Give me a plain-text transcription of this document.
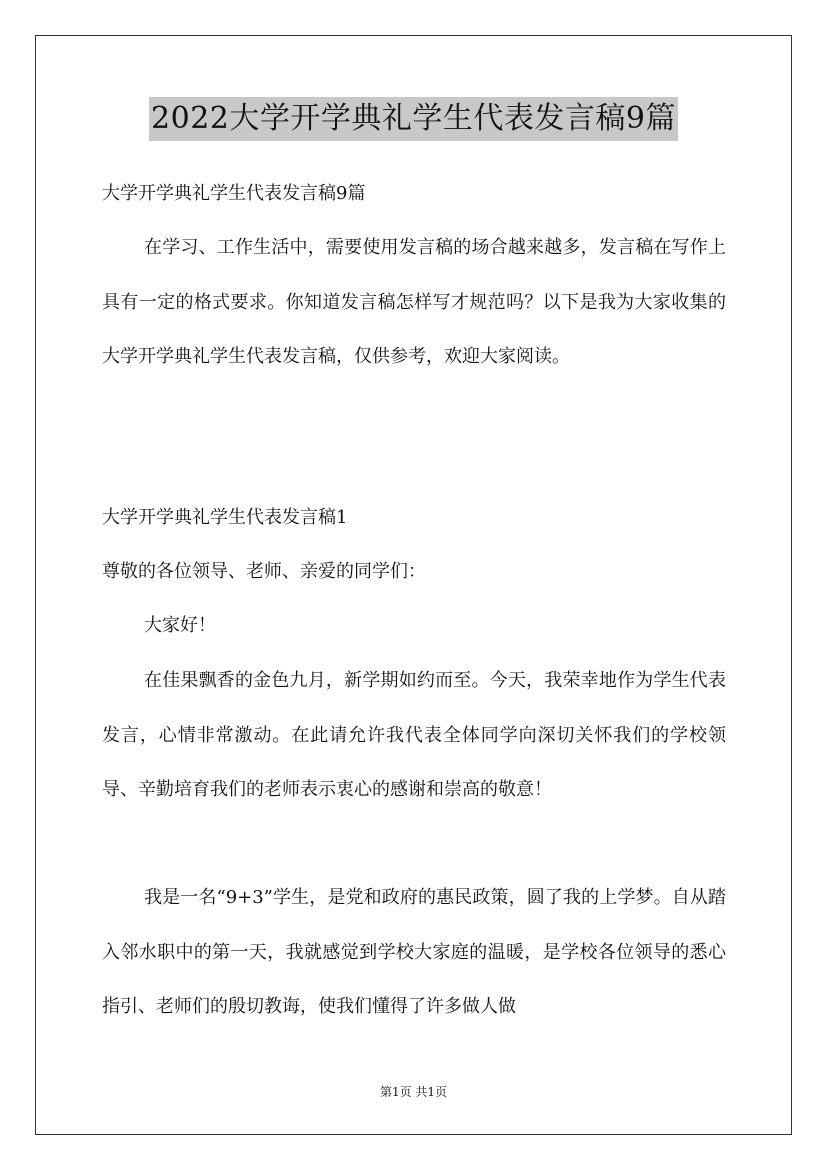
2022大学开学典礼学生代表发言稿9篇
大学开学典礼学生代表发言稿9篇
在学习、工作生活中，需要使用发言稿的场合越来越多，发言稿在写作上具有一定的格式要求。你知道发言稿怎样写才规范吗？以下是我为大家收集的大学开学典礼学生代表发言稿，仅供参考，欢迎大家阅读。
大学开学典礼学生代表发言稿1
尊敬的各位领导、老师、亲爱的同学们：
大家好！
在佳果飘香的金色九月，新学期如约而至。今天，我荣幸地作为学生代表发言，心情非常激动。在此请允许我代表全体同学向深切关怀我们的学校领导、辛勤培育我们的老师表示衷心的感谢和崇高的敬意！
我是一名“9+3”学生，是党和政府的惠民政策，圆了我的上学梦。自从踏入邻水职中的第一天，我就感觉到学校大家庭的温暖，是学校各位领导的悉心指引、老师们的殷切教诲，使我们懂得了许多做人做
第1页 共1页
